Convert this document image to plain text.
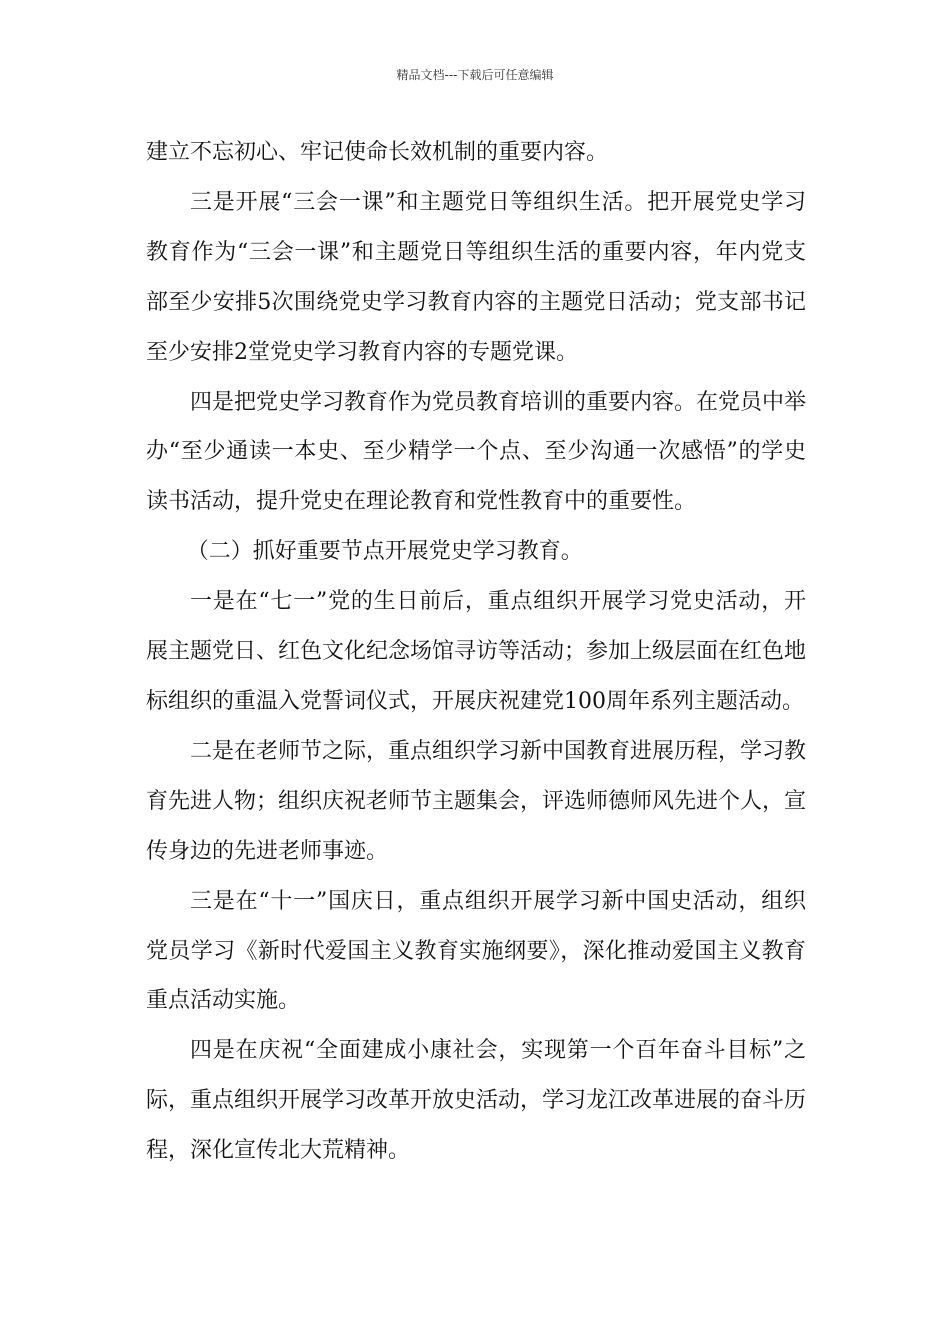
精品文档---下载后可任意编辑

建立不忘初心、牢记使命长效机制的重要内容。

三是开展“三会一课”和主题党日等组织生活。把开展党史学习教育作为“三会一课”和主题党日等组织生活的重要内容，年内党支部至少安排5次围绕党史学习教育内容的主题党日活动；党支部书记至少安排2堂党史学习教育内容的专题党课。

四是把党史学习教育作为党员教育培训的重要内容。在党员中举办“至少通读一本史、至少精学一个点、至少沟通一次感悟”的学史读书活动，提升党史在理论教育和党性教育中的重要性。

（二）抓好重要节点开展党史学习教育。

一是在“七一”党的生日前后，重点组织开展学习党史活动，开展主题党日、红色文化纪念场馆寻访等活动；参加上级层面在红色地标组织的重温入党誓词仪式，开展庆祝建党100周年系列主题活动。

二是在老师节之际，重点组织学习新中国教育进展历程，学习教育先进人物；组织庆祝老师节主题集会，评选师德师风先进个人，宣传身边的先进老师事迹。

三是在“十一”国庆日，重点组织开展学习新中国史活动，组织党员学习《新时代爱国主义教育实施纲要》，深化推动爱国主义教育重点活动实施。

四是在庆祝“全面建成小康社会，实现第一个百年奋斗目标”之际，重点组织开展学习改革开放史活动，学习龙江改革进展的奋斗历程，深化宣传北大荒精神。
